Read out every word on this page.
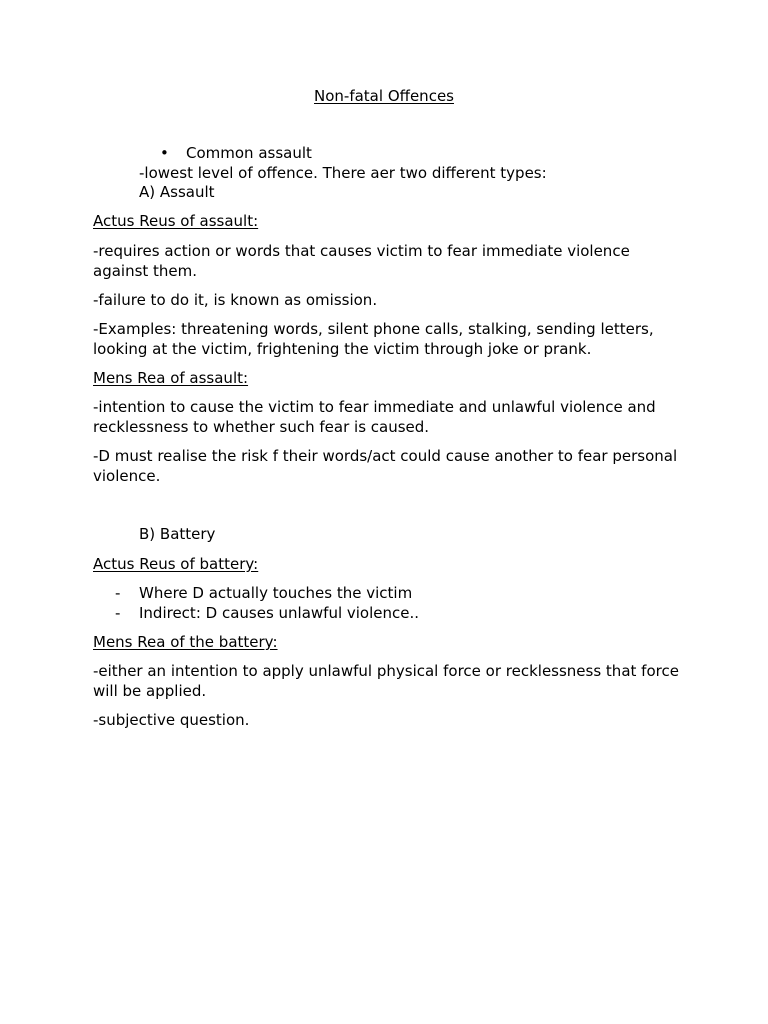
Non-fatal Offences
• Common assault
-lowest level of offence. There aer two different types:
A) Assault
Actus Reus of assault:
-requires action or words that causes victim to fear immediate violence against them.
-failure to do it, is known as omission.
-Examples: threatening words, silent phone calls, stalking, sending letters, looking at the victim, frightening the victim through joke or prank.
Mens Rea of assault:
-intention to cause the victim to fear immediate and unlawful violence and recklessness to whether such fear is caused.
-D must realise the risk f their words/act could cause another to fear personal violence.
B) Battery
Actus Reus of battery:
- Where D actually touches the victim
- Indirect: D causes unlawful violence..
Mens Rea of the battery:
-either an intention to apply unlawful physical force or recklessness that force will be applied.
-subjective question.
